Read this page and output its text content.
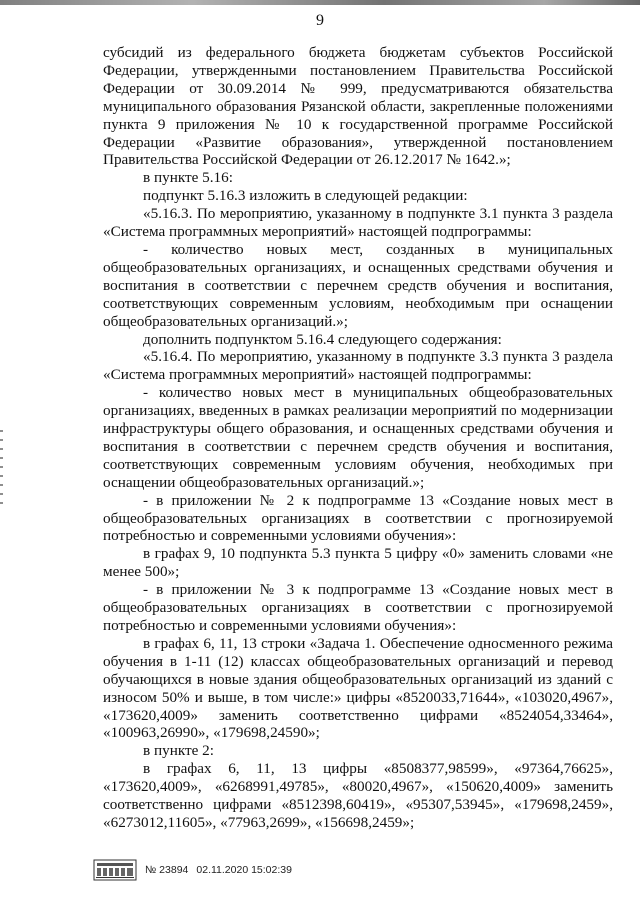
9

субсидий из федерального бюджета бюджетам субъектов Российской Федерации, утвержденными постановлением Правительства Российской Федерации от 30.09.2014 № 999, предусматриваются обязательства муниципального образования Рязанской области, закрепленные положениями пункта 9 приложения № 10 к государственной программе Российской Федерации «Развитие образования», утвержденной постановлением Правительства Российской Федерации от 26.12.2017 № 1642.»;

в пункте 5.16:

подпункт 5.16.3 изложить в следующей редакции:

«5.16.3. По мероприятию, указанному в подпункте 3.1 пункта 3 раздела «Система программных мероприятий» настоящей подпрограммы:

- количество новых мест, созданных в муниципальных общеобразовательных организациях, и оснащенных средствами обучения и воспитания в соответствии с перечнем средств обучения и воспитания, соответствующих современным условиям, необходимым при оснащении общеобразовательных организаций.»;

дополнить подпунктом 5.16.4 следующего содержания:

«5.16.4. По мероприятию, указанному в подпункте 3.3 пункта 3 раздела «Система программных мероприятий» настоящей подпрограммы:

- количество новых мест в муниципальных общеобразовательных организациях, введенных в рамках реализации мероприятий по модернизации инфраструктуры общего образования, и оснащенных средствами обучения и воспитания в соответствии с перечнем средств обучения и воспитания, соответствующих современным условиям обучения, необходимых при оснащении общеобразовательных организаций.»;

- в приложении № 2 к подпрограмме 13 «Создание новых мест в общеобразовательных организациях в соответствии с прогнозируемой потребностью и современными условиями обучения»:

в графах 9, 10 подпункта 5.3 пункта 5 цифру «0» заменить словами «не менее 500»;

- в приложении № 3 к подпрограмме 13 «Создание новых мест в общеобразовательных организациях в соответствии с прогнозируемой потребностью и современными условиями обучения»:

в графах 6, 11, 13 строки «Задача 1. Обеспечение односменного режима обучения в 1-11 (12) классах общеобразовательных организаций и перевод обучающихся в новые здания общеобразовательных организаций из зданий с износом 50% и выше, в том числе:» цифры «8520033,71644», «103020,4967», «173620,4009» заменить соответственно цифрами «8524054,33464», «100963,26990», «179698,24590»;

в пункте 2:

в графах 6, 11, 13 цифры «8508377,98599», «97364,76625», «173620,4009», «6268991,49785», «80020,4967», «150620,4009» заменить соответственно цифрами «8512398,60419», «95307,53945», «179698,2459», «6273012,11605», «77963,2699», «156698,2459»;

№ 23894 02.11.2020 15:02:39
